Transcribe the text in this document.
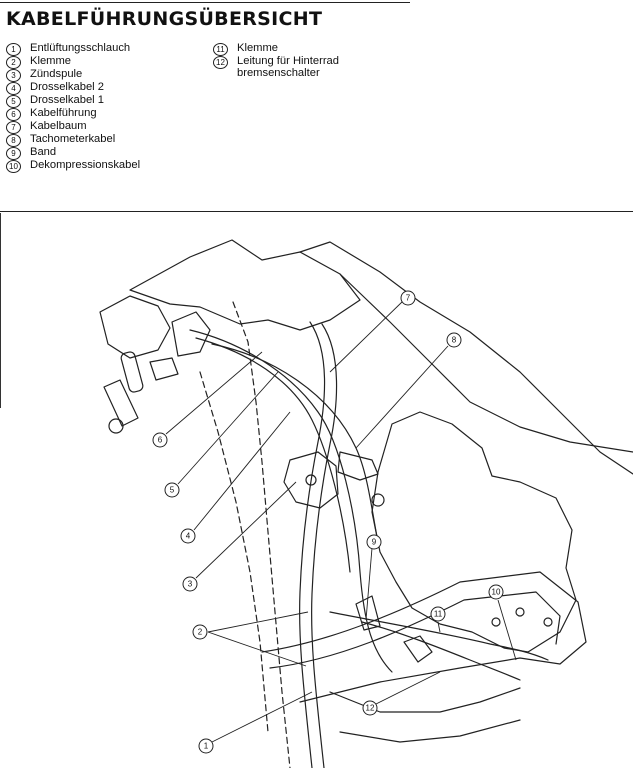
KABELFÜHRUNGSÜBERSICHT
1	Entlüftungsschlauch
2	Klemme
3	Zündspule
4	Drosselkabel 2
5	Drosselkabel 1
6	Kabelführung
7	Kabelbaum
8	Tachometerkabel
9	Band
10 Dekompressionskabel
11 Klemme
12 Leitung für Hinterrad
bremsenschalter
7
8
6
5
4
3
9
10
11
2
12
1
